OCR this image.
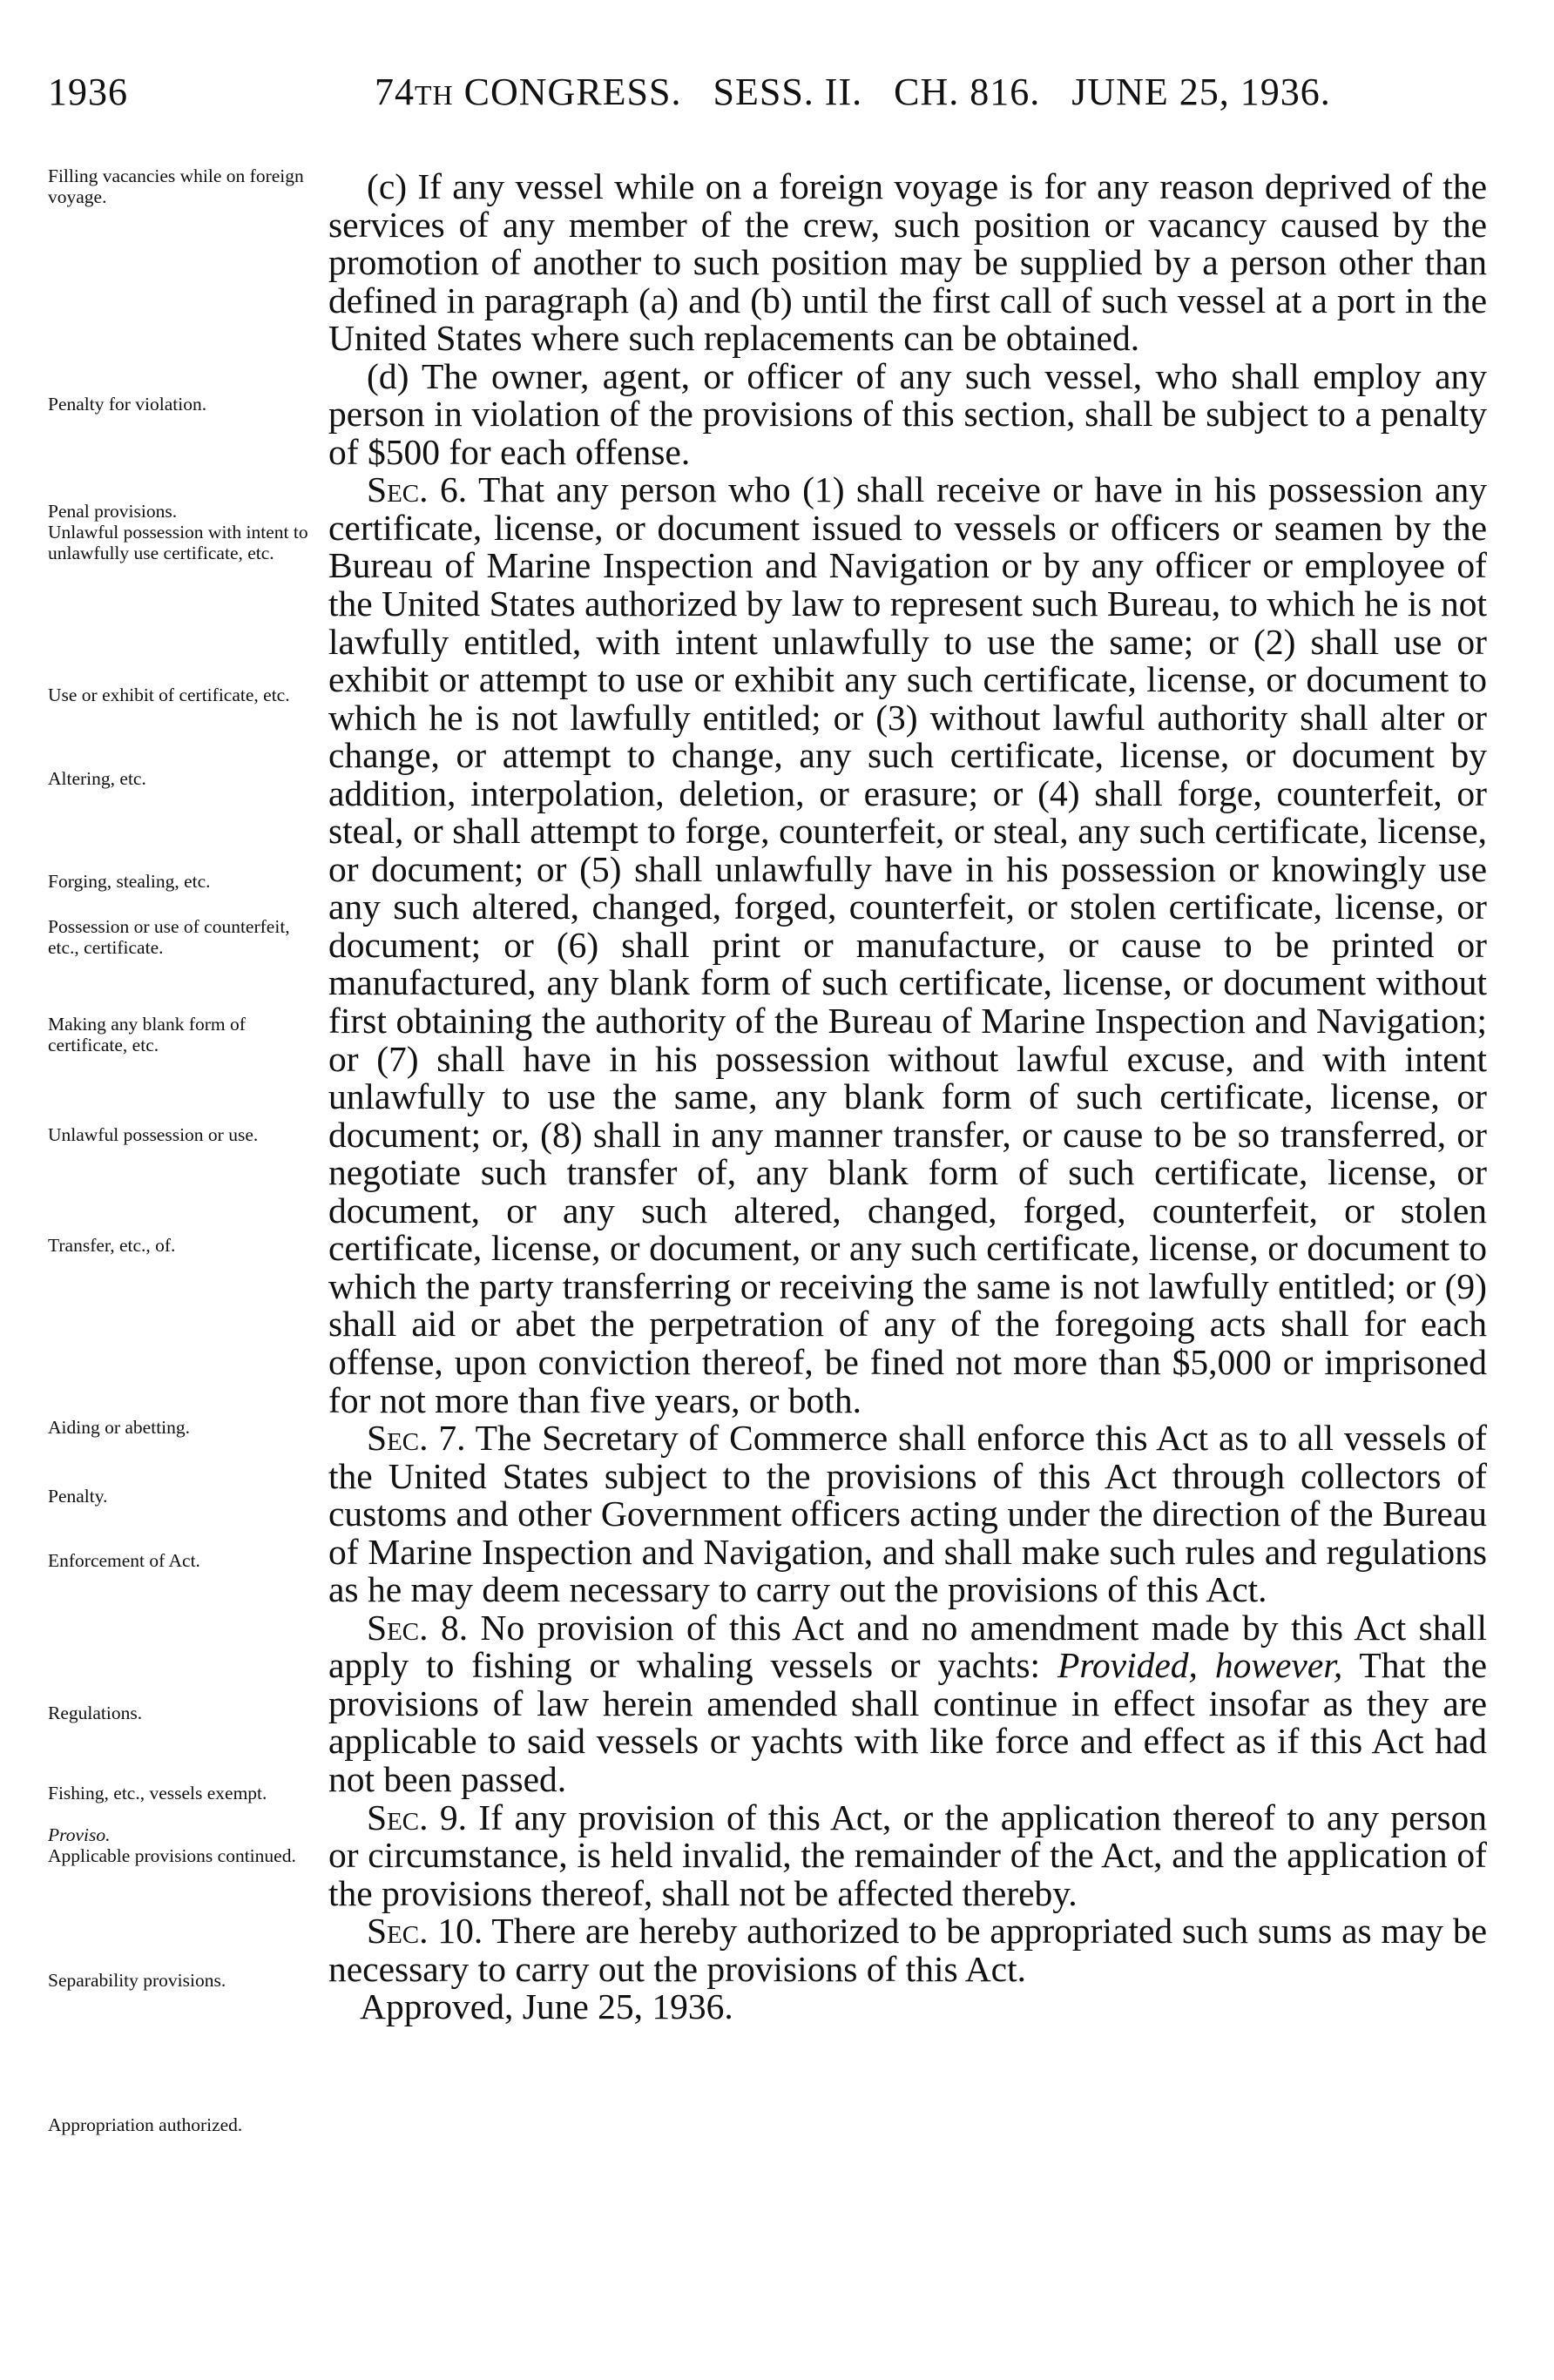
1936	74TH CONGRESS. SESS. II. CH. 816. JUNE 25, 1936.
Filling vacancies while on foreign voyage.
Penalty for violation.
Penal provisions.
Unlawful possession with intent to unlawfully use certificate, etc.
Use or exhibit of certificate, etc.
Altering, etc.
Forging, stealing, etc.
Possession or use of counterfeit, etc., certificate.
Making any blank form of certificate, etc.
Unlawful possession or use.
Transfer, etc., of.
Aiding or abetting.
Penalty.
Enforcement of Act.
Regulations.
Fishing, etc., vessels exempt.
Proviso.
Applicable provisions continued.
Separability provisions.
Appropriation authorized.

(c) If any vessel while on a foreign voyage is for any reason deprived of the services of any member of the crew, such position or vacancy caused by the promotion of another to such position may be supplied by a person other than defined in paragraph (a) and (b) until the first call of such vessel at a port in the United States where such replacements can be obtained.

(d) The owner, agent, or officer of any such vessel, who shall employ any person in violation of the provisions of this section, shall be subject to a penalty of $500 for each offense.

Sec. 6. That any person who (1) shall receive or have in his possession any certificate, license, or document issued to vessels or officers or seamen by the Bureau of Marine Inspection and Navigation or by any officer or employee of the United States authorized by law to represent such Bureau, to which he is not lawfully entitled, with intent unlawfully to use the same; or (2) shall use or exhibit or attempt to use or exhibit any such certificate, license, or document to which he is not lawfully entitled; or (3) without lawful authority shall alter or change, or attempt to change, any such certificate, license, or document by addition, interpolation, deletion, or erasure; or (4) shall forge, counterfeit, or steal, or shall attempt to forge, counterfeit, or steal, any such certificate, license, or document; or (5) shall unlawfully have in his possession or knowingly use any such altered, changed, forged, counterfeit, or stolen certificate, license, or document; or (6) shall print or manufacture, or cause to be printed or manufactured, any blank form of such certificate, license, or document without first obtaining the authority of the Bureau of Marine Inspection and Navigation; or (7) shall have in his possession without lawful excuse, and with intent unlawfully to use the same, any blank form of such certificate, license, or document; or, (8) shall in any manner transfer, or cause to be so transferred, or negotiate such transfer of, any blank form of such certificate, license, or document, or any such altered, changed, forged, counterfeit, or stolen certificate, license, or document, or any such certificate, license, or document to which the party transferring or receiving the same is not lawfully entitled; or (9) shall aid or abet the perpetration of any of the foregoing acts shall for each offense, upon conviction thereof, be fined not more than $5,000 or imprisoned for not more than five years, or both.

Sec. 7. The Secretary of Commerce shall enforce this Act as to all vessels of the United States subject to the provisions of this Act through collectors of customs and other Government officers acting under the direction of the Bureau of Marine Inspection and Navigation, and shall make such rules and regulations as he may deem necessary to carry out the provisions of this Act.

Sec. 8. No provision of this Act and no amendment made by this Act shall apply to fishing or whaling vessels or yachts: Provided, however, That the provisions of law herein amended shall continue in effect insofar as they are applicable to said vessels or yachts with like force and effect as if this Act had not been passed.

Sec. 9. If any provision of this Act, or the application thereof to any person or circumstance, is held invalid, the remainder of the Act, and the application of the provisions thereof, shall not be affected thereby.

Sec. 10. There are hereby authorized to be appropriated such sums as may be necessary to carry out the provisions of this Act.

Approved, June 25, 1936.
